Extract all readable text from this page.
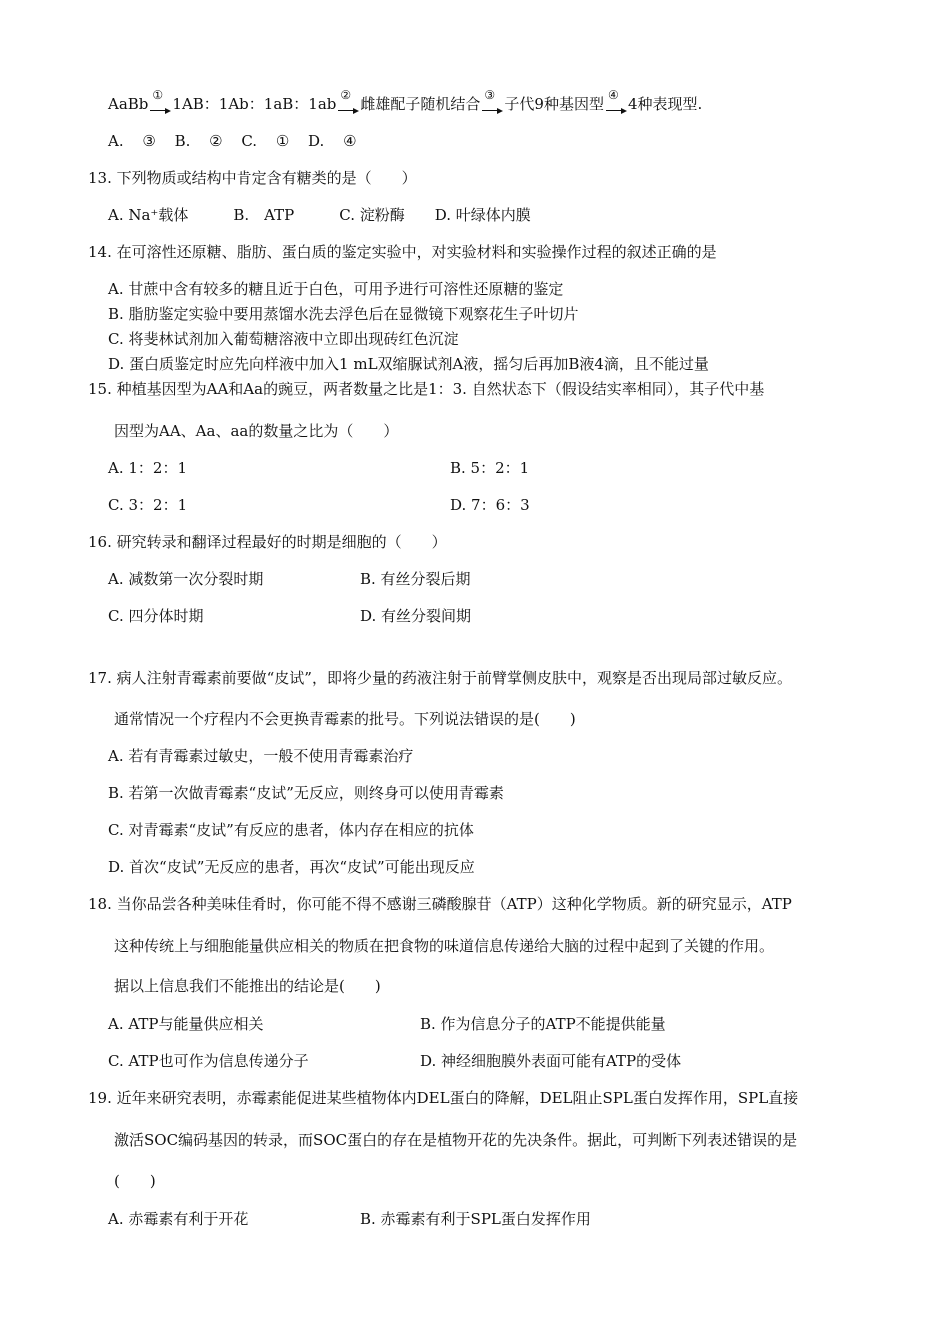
AaBb ① 1AB：1Ab：1aB：1ab ② 雌雄配子随机结合 ③ 子代9种基因型 ④ 4种表现型.
A. ③ B. ② C. ① D. ④
13. 下列物质或结构中肯定含有糖类的是（　　）
A. Na⁺载体　　　B.　ATP　　　C. 淀粉酶　　D. 叶绿体内膜
14. 在可溶性还原糖、脂肪、蛋白质的鉴定实验中，对实验材料和实验操作过程的叙述正确的是
A. 甘蔗中含有较多的糖且近于白色，可用予进行可溶性还原糖的鉴定
B. 脂肪鉴定实验中要用蒸馏水洗去浮色后在显微镜下观察花生子叶切片
C. 将斐林试剂加入葡萄糖溶液中立即出现砖红色沉淀
D. 蛋白质鉴定时应先向样液中加入1 mL双缩脲试剂A液，摇匀后再加B液4滴，且不能过量
15. 种植基因型为AA和Aa的豌豆，两者数量之比是1：3. 自然状态下（假设结实率相同），其子代中基
因型为AA、Aa、aa的数量之比为（　　）
A. 1：2：1	B. 5：2：1
C. 3：2：1	D. 7：6：3
16. 研究转录和翻译过程最好的时期是细胞的（　　）
A. 减数第一次分裂时期	B. 有丝分裂后期
C. 四分体时期	D. 有丝分裂间期
17. 病人注射青霉素前要做“皮试”，即将少量的药液注射于前臂掌侧皮肤中，观察是否出现局部过敏反应。
通常情况一个疗程内不会更换青霉素的批号。下列说法错误的是(　　)
A. 若有青霉素过敏史，一般不使用青霉素治疗
B. 若第一次做青霉素“皮试”无反应，则终身可以使用青霉素
C. 对青霉素“皮试”有反应的患者，体内存在相应的抗体
D. 首次“皮试”无反应的患者，再次“皮试”可能出现反应
18. 当你品尝各种美味佳肴时，你可能不得不感谢三磷酸腺苷（ATP）这种化学物质。新的研究显示，ATP
这种传统上与细胞能量供应相关的物质在把食物的味道信息传递给大脑的过程中起到了关键的作用。
据以上信息我们不能推出的结论是(　　)
A. ATP与能量供应相关	B. 作为信息分子的ATP不能提供能量
C. ATP也可作为信息传递分子	D. 神经细胞膜外表面可能有ATP的受体
19. 近年来研究表明，赤霉素能促进某些植物体内DEL蛋白的降解，DEL阻止SPL蛋白发挥作用，SPL直接
激活SOC编码基因的转录，而SOC蛋白的存在是植物开花的先决条件。据此，可判断下列表述错误的是
(　　)
A. 赤霉素有利于开花	B. 赤霉素有利于SPL蛋白发挥作用
